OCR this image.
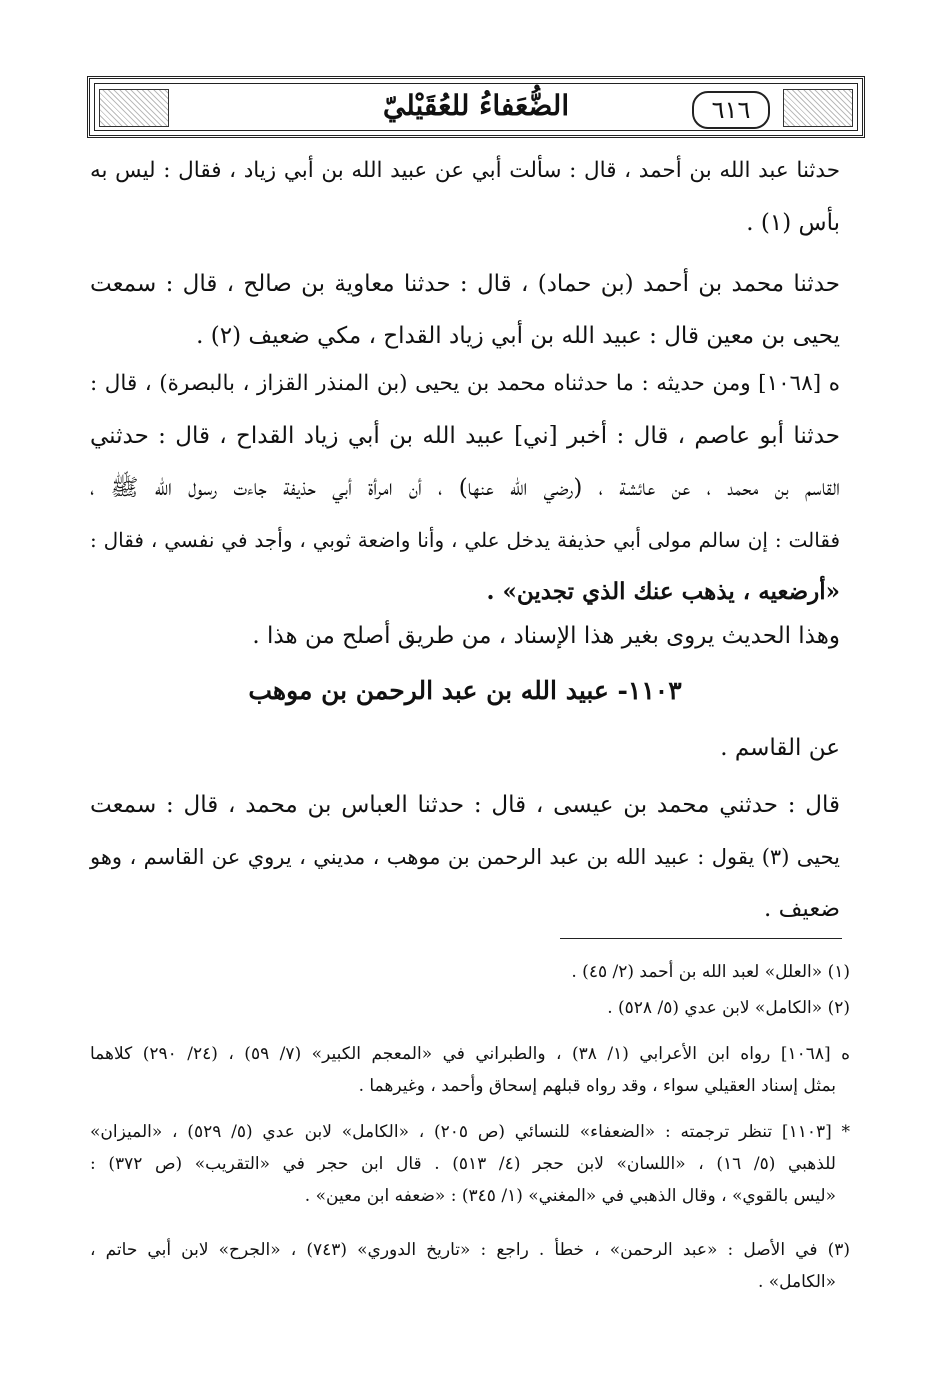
الضُّعَفاءُ للعُقَيْليّ	٦١٦
حدثنا عبد الله بن أحمد ، قال : سألت أبي عن عبيد الله بن أبي زياد ، فقال : ليس به
بأس (١) .
حدثنا محمد بن أحمد (بن حماد) ، قال : حدثنا معاوية بن صالح ، قال : سمعت
يحيى بن معين قال : عبيد الله بن أبي زياد القداح ، مكي ضعيف (٢) .
ه [١٠٦٨] ومن حديثه : ما حدثناه محمد بن يحيى (بن المنذر القزاز ، بالبصرة) ، قال :
حدثنا أبو عاصم ، قال : أخبر [ني] عبيد الله بن أبي زياد القداح ، قال : حدثني
القاسم بن محمد ، عن عائشة ، (رضي الله عنها) ، أن امرأة أبي حذيفة جاءت رسول الله ﷺ ،
فقالت : إن سالم مولى أبي حذيفة يدخل علي ، وأنا واضعة ثوبي ، وأجد في نفسي ، فقال :
«أرضعيه ، يذهب عنك الذي تجدين» .
وهذا الحديث يروى بغير هذا الإسناد ، من طريق أصلح من هذا .
١١٠٣- عبيد الله بن عبد الرحمن بن موهب
عن القاسم .
قال : حدثني محمد بن عيسى ، قال : حدثنا العباس بن محمد ، قال : سمعت
يحيى (٣) يقول : عبيد الله بن عبد الرحمن بن موهب ، مديني ، يروي عن القاسم ، وهو
ضعيف .
(١) «العلل» لعبد الله بن أحمد (٢/ ٤٥) .
(٢) «الكامل» لابن عدي (٥/ ٥٢٨) .
ه [١٠٦٨] رواه ابن الأعرابي (١/ ٣٨) ، والطبراني في «المعجم الكبير» (٧/ ٥٩) ، (٢٤/ ٢٩٠) كلاهما
بمثل إسناد العقيلي سواء ، وقد رواه قبلهم إسحاق وأحمد ، وغيرهما .
* [١١٠٣] تنظر ترجمته : «الضعفاء» للنسائي (ص ٢٠٥) ، «الكامل» لابن عدي (٥/ ٥٢٩) ، «الميزان»
للذهبي (٥/ ١٦) ، «اللسان» لابن حجر (٤/ ٥١٣) . قال ابن حجر في «التقريب» (ص ٣٧٢) :
«ليس بالقوي» ، وقال الذهبي في «المغني» (١/ ٣٤٥) : «ضعفه ابن معين» .
(٣) في الأصل : «عبد الرحمن» ، خطأ . راجع : «تاريخ الدوري» (٧٤٣) ، «الجرح» لابن أبي حاتم ،
«الكامل» .
